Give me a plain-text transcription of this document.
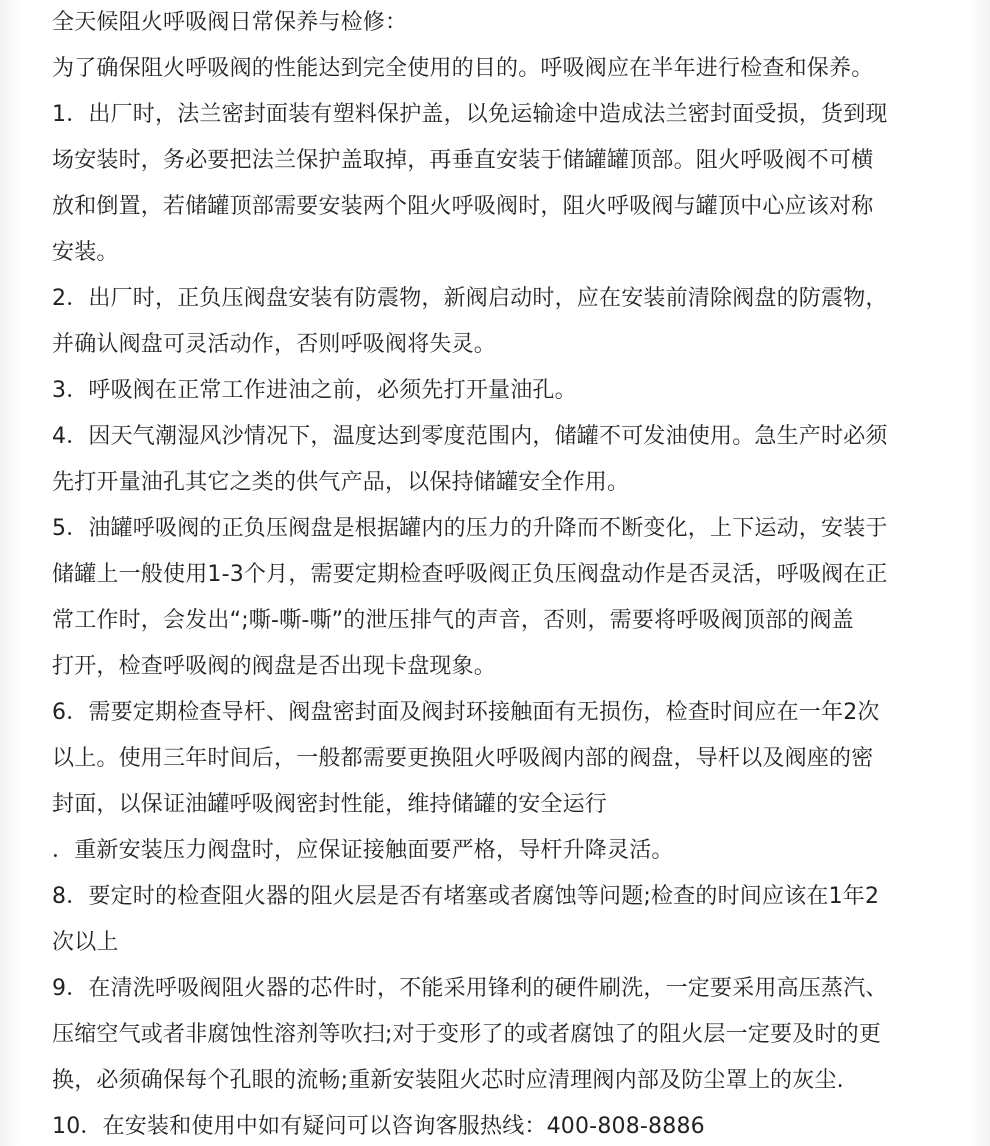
全天候阻火呼吸阀日常保养与检修：
为了确保阻火呼吸阀的性能达到完全使用的目的。呼吸阀应在半年进行检查和保养。
1．出厂时，法兰密封面装有塑料保护盖，以免运输途中造成法兰密封面受损，货到现
场安装时，务必要把法兰保护盖取掉，再垂直安装于储罐罐顶部。阻火呼吸阀不可横
放和倒置，若储罐顶部需要安装两个阻火呼吸阀时，阻火呼吸阀与罐顶中心应该对称
安装。
2．出厂时，正负压阀盘安装有防震物，新阀启动时，应在安装前清除阀盘的防震物，
并确认阀盘可灵活动作，否则呼吸阀将失灵。
3．呼吸阀在正常工作进油之前，必须先打开量油孔。
4．因天气潮湿风沙情况下，温度达到零度范围内，储罐不可发油使用。急生产时必须
先打开量油孔其它之类的供气产品，以保持储罐安全作用。
5．油罐呼吸阀的正负压阀盘是根据罐内的压力的升降而不断变化，上下运动，安装于
储罐上一般使用1-3个月，需要定期检查呼吸阀正负压阀盘动作是否灵活，呼吸阀在正
常工作时，会发出“;嘶-嘶-嘶”的泄压排气的声音，否则，需要将呼吸阀顶部的阀盖
打开，检查呼吸阀的阀盘是否出现卡盘现象。
6．需要定期检查导杆、阀盘密封面及阀封环接触面有无损伤，检查时间应在一年2次
以上。使用三年时间后，一般都需要更换阻火呼吸阀内部的阀盘，导杆以及阀座的密
封面，以保证油罐呼吸阀密封性能，维持储罐的安全运行
．重新安装压力阀盘时，应保证接触面要严格，导杆升降灵活。
8．要定时的检查阻火器的阻火层是否有堵塞或者腐蚀等问题;检查的时间应该在1年2
次以上
9．在清洗呼吸阀阻火器的芯件时，不能采用锋利的硬件刷洗，一定要采用高压蒸汽、
压缩空气或者非腐蚀性溶剂等吹扫;对于变形了的或者腐蚀了的阻火层一定要及时的更
换，必须确保每个孔眼的流畅;重新安装阻火芯时应清理阀内部及防尘罩上的灰尘.
10．在安装和使用中如有疑问可以咨询客服热线：400-808-8886
